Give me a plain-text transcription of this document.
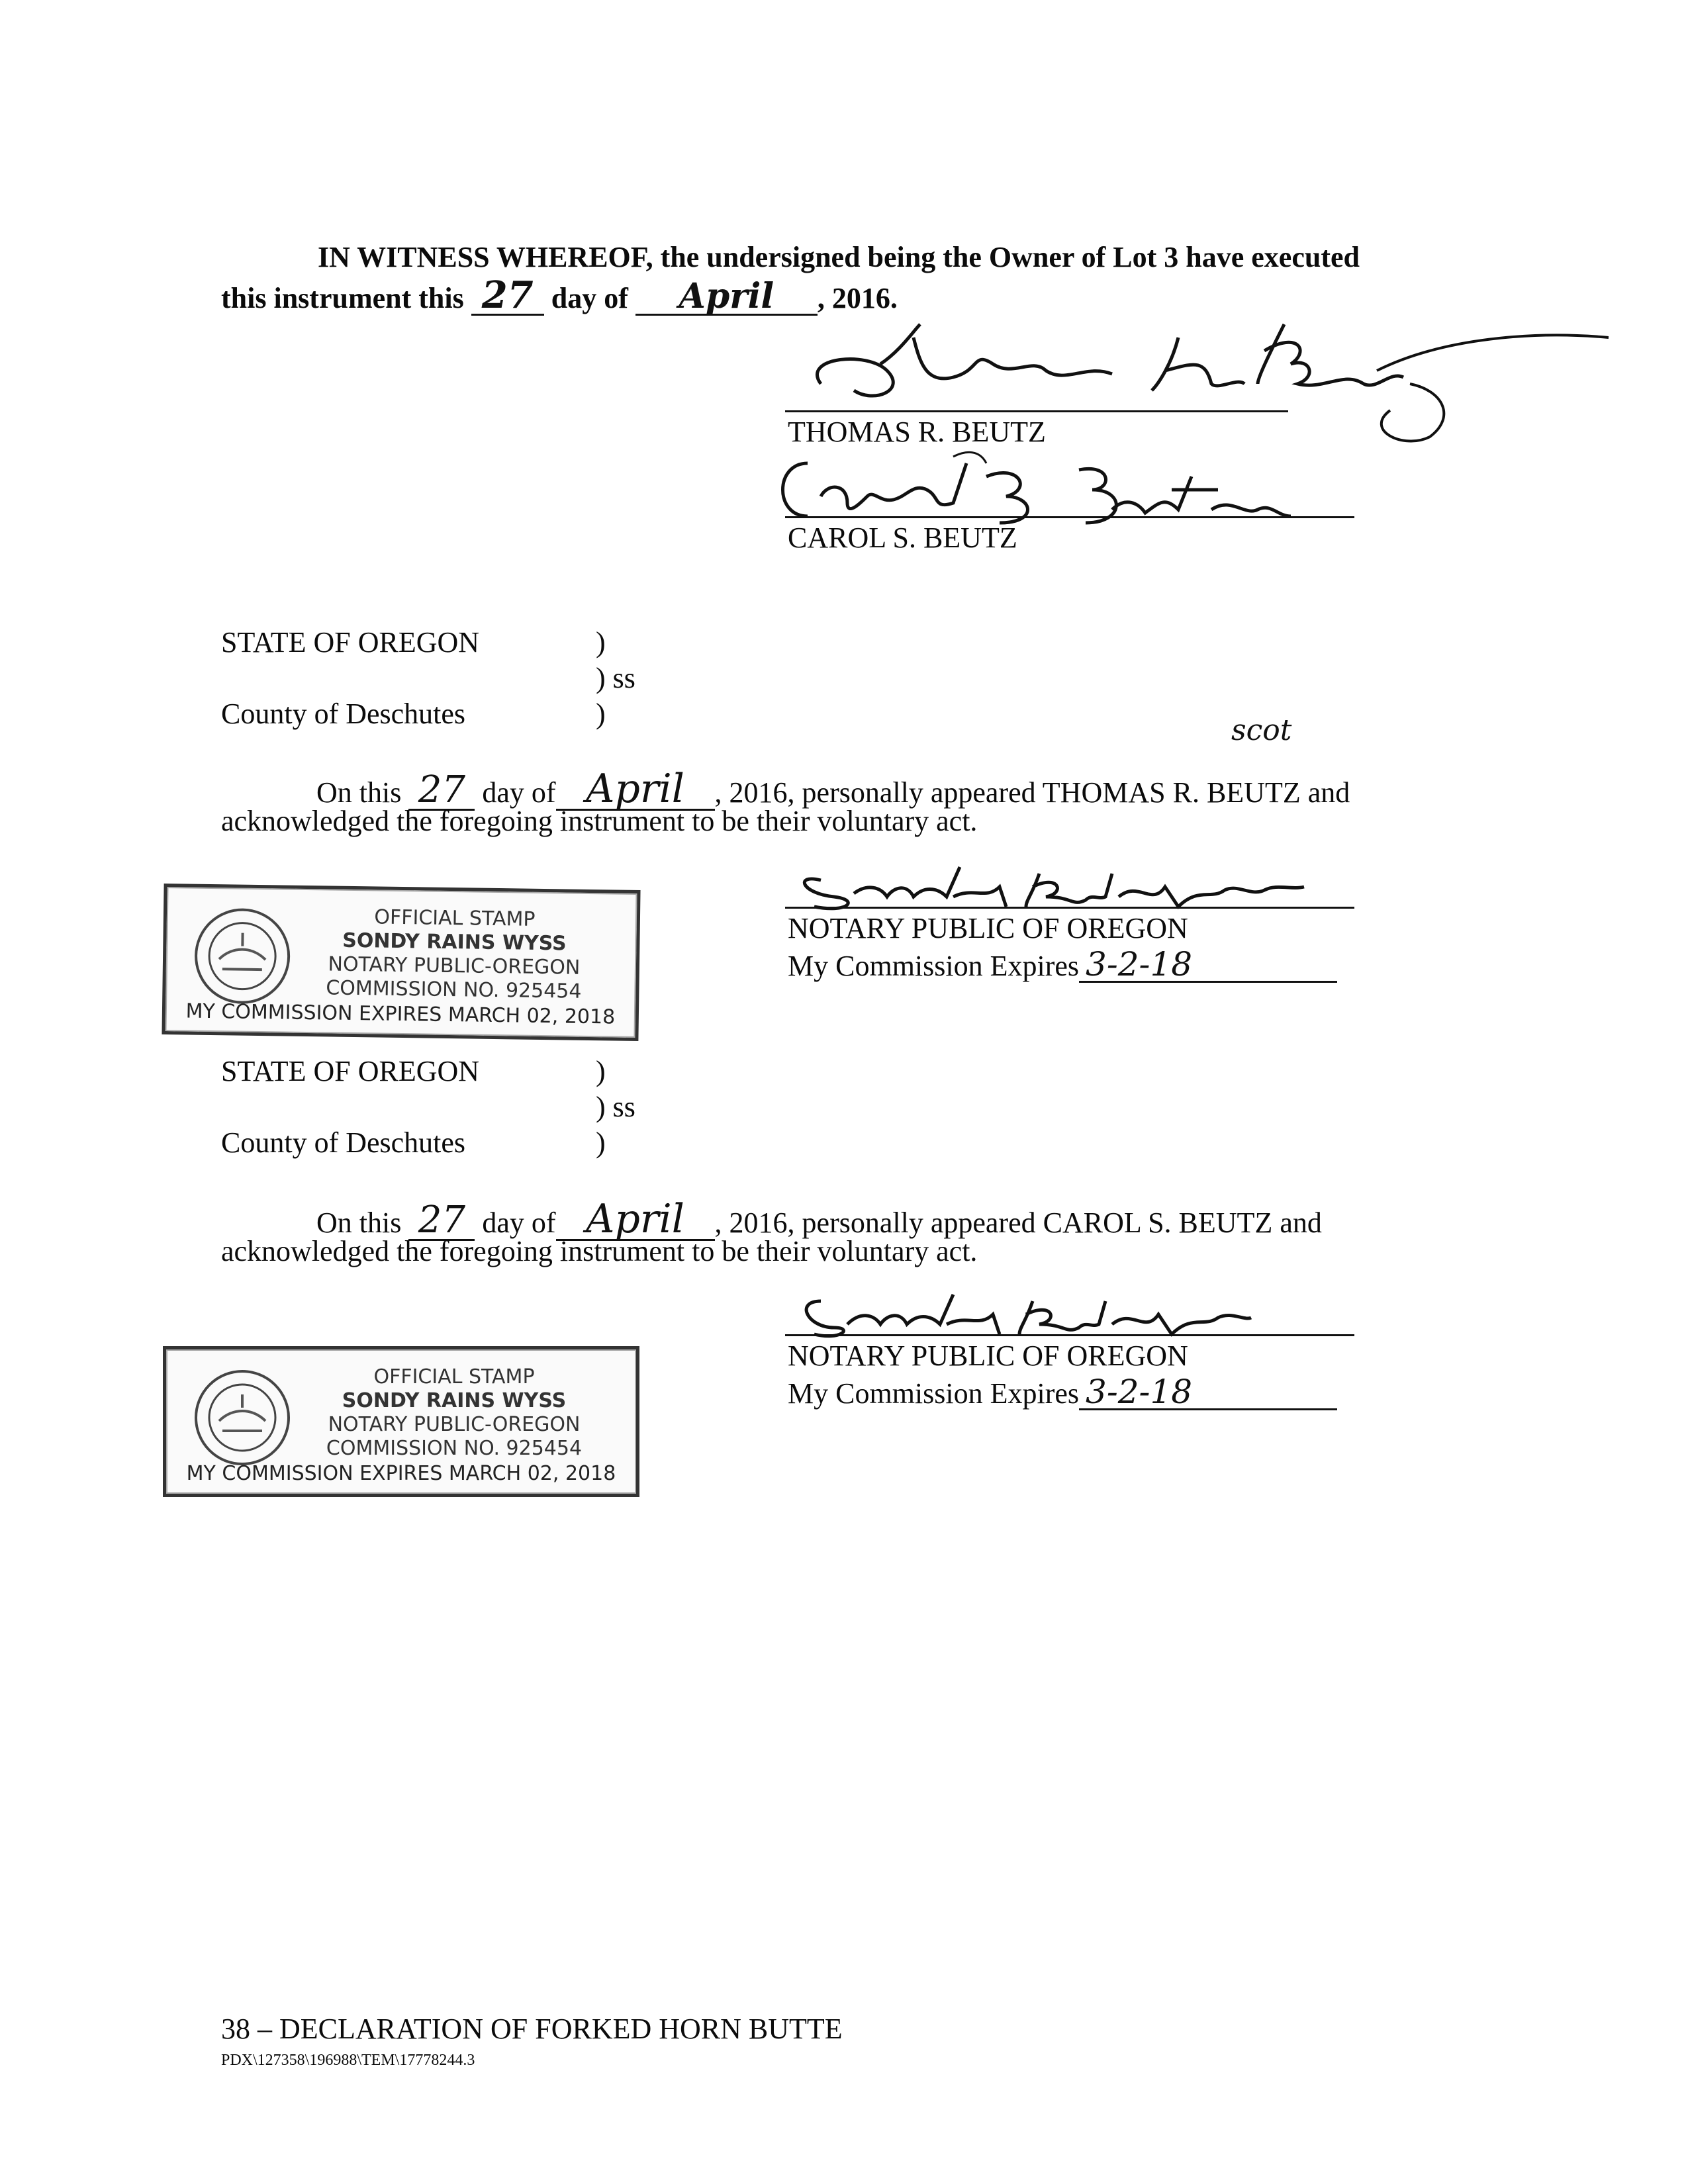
IN WITNESS WHEREOF, the undersigned being the Owner of Lot 3 have executed
this instrument this 27 day of April , 2016.
THOMAS R. BEUTZ
CAROL S. BEUTZ
STATE OF OREGON	)
) ss
County of Deschutes	)	scot
On this 27 day of April , 2016, personally appeared THOMAS R. BEUTZ and
acknowledged the foregoing instrument to be their voluntary act.
NOTARY PUBLIC OF OREGON
My Commission Expires 3-2-18
OFFICIAL STAMP
SONDY RAINS WYSS
NOTARY PUBLIC-OREGON
COMMISSION NO. 925454
MY COMMISSION EXPIRES MARCH 02, 2018
STATE OF OREGON	)
) ss
County of Deschutes	)
On this 27 day of April , 2016, personally appeared CAROL S. BEUTZ and
acknowledged the foregoing instrument to be their voluntary act.
NOTARY PUBLIC OF OREGON
My Commission Expires 3-2-18
OFFICIAL STAMP
SONDY RAINS WYSS
NOTARY PUBLIC-OREGON
COMMISSION NO. 925454
MY COMMISSION EXPIRES MARCH 02, 2018
38 – DECLARATION OF FORKED HORN BUTTE
PDX\127358\196988\TEM\17778244.3
